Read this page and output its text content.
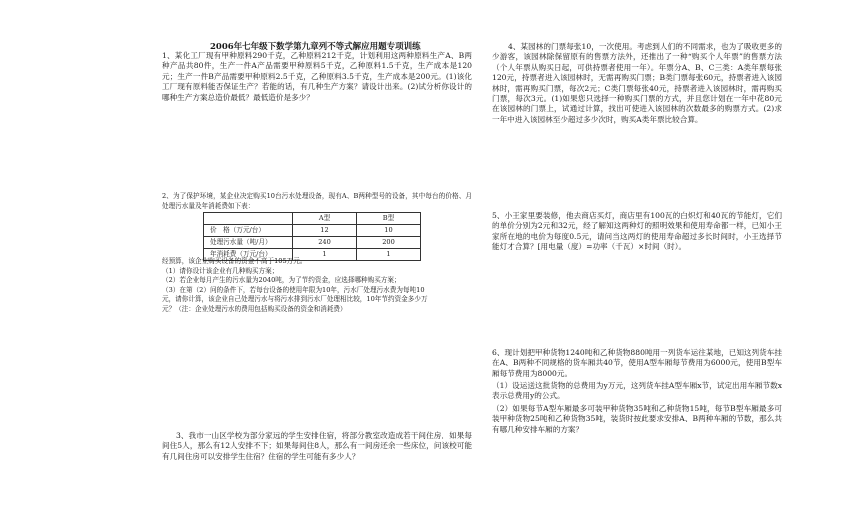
2006年七年级下数学第九章列不等式解应用题专项训练

1、某化工厂现有甲种原料290千克，乙种原料212千克，计划利用这两种原料生产A、B两种产品共80件，生产一件A产品需要甲种原料5千克，乙种原料1.5千克，生产成本是120元；生产一件B产品需要甲种原料2.5千克，乙种原料3.5千克，生产成本是200元。(1)该化工厂现有原料能否保证生产？若能的话，有几种生产方案？请设计出来。(2)试分析你设计的哪种生产方案总造价最低？最低造价是多少？

2、为了保护环境，某企业决定购买10台污水处理设备，现有A、B两种型号的设备，其中每台的价格、月处理污水量及年消耗费如下表：

	A型	B型
价　格（万元/台）	12	10
处理污水量（吨/月）	240	200
年消耗费（万元/台）	1	1
经预算，该企业购买设备的资金不高于105万元。
（1）请你设计该企业有几种购买方案；
（2）若企业每月产生的污水量为2040吨，为了节约资金，应选择哪种购买方案；
（3）在第（2）问的条件下，若每台设备的使用年限为10年，污水厂处理污水费为每吨10
元，请你计算，该企业自己处理污水与将污水排到污水厂处理相比较，10年节约资金多少万
元？（注：企业处理污水的费用包括购买设备的资金和消耗费）

3、我市一山区学校为部分家远的学生安排住宿，将部分教室改造成若干间住房．如果每间住5人，那么有12人安排不下；如果每间住8人，那么有一间房还余一些床位，问该校可能有几间住房可以安排学生住宿？住宿的学生可能有多少人？

4、某园林的门票每张10，一次使用。考虑到人们的不同需求，也为了吸收更多的少游客，该园林除保留原有的售票方法外，还推出了一种“购买个人年票”的售票方法（个人年票从购买日起，可供持票者使用一年）。年票分A、B、C三类：A类年票每张120元，持票者进入该园林时，无需再购买门票；B类门票每张60元，持票者进入该园林时，需再购买门票，每次2元；C类门票每张40元，持票者进入该园林时，需再购买门票，每次3元。(1)如果您只选择一种购买门票的方式，并且您计划在一年中花80元在该园林的门票上，试通过计算，找出可使进入该园林的次数最多的购票方式。(2)求一年中进入该园林至少超过多少次时，购买A类年票比较合算。

5、小王家里要装修，他去商店买灯，商店里有100瓦的白炽灯和40瓦的节能灯，它们的单价分别为2元和32元，经了解知这两种灯的照明效果和使用寿命都一样，已知小王家所在地的电价为每度0.5元，请问当这两灯的使用寿命超过多长时间时，小王选择节能灯才合算？[用电量（度）=功率（千瓦）×时间（时）。

6、现计划把甲种货物1240吨和乙种货物880吨用一列货车运往某地，已知这列货车挂在A、B两种不同规格的货车厢共40节，使用A型车厢每节费用为6000元，使用B型车厢每节费用为8000元。

（1）设运送这批货物的总费用为y万元，这列货车挂A型车厢x节，试定出用车厢节数x表示总费用y的公式。

（2）如果每节A型车厢最多可装甲种货物35吨和乙种货物15吨，每节B型车厢最多可装甲种货物25吨和乙种货物35吨，装货时按此要求安排A、B两种车厢的节数，那么共有哪几种安排车厢的方案？
